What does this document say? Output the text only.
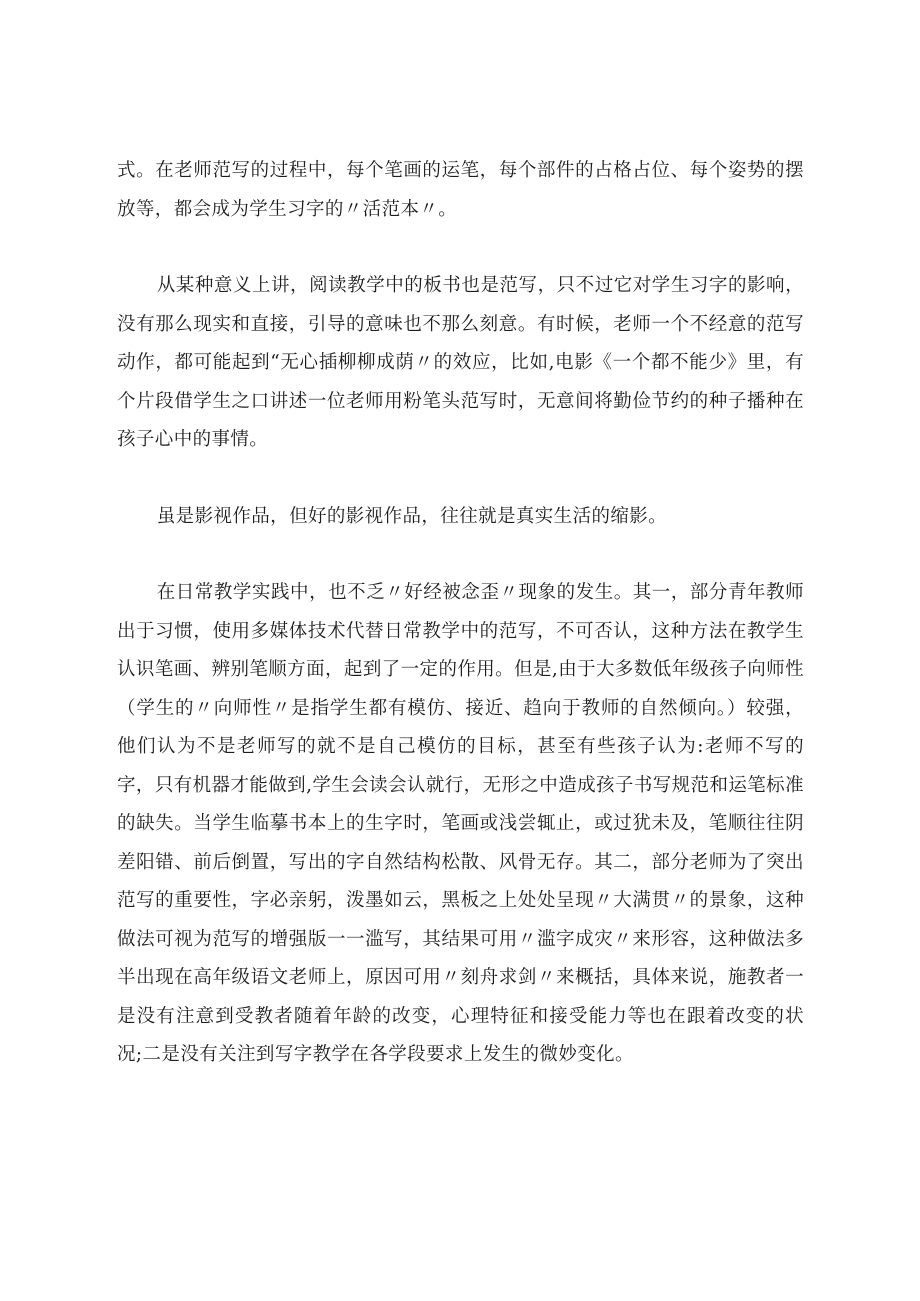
式。在老师范写的过程中，每个笔画的运笔，每个部件的占格占位、每个姿势的摆放等，都会成为学生习字的〃活范本〃。

从某种意义上讲，阅读教学中的板书也是范写，只不过它对学生习字的影响，没有那么现实和直接，引导的意味也不那么刻意。有时候，老师一个不经意的范写动作，都可能起到“无心插柳柳成荫〃的效应，比如,电影《一个都不能少》里，有个片段借学生之口讲述一位老师用粉笔头范写时，无意间将勤俭节约的种子播种在孩子心中的事情。

虽是影视作品，但好的影视作品，往往就是真实生活的缩影。

在日常教学实践中，也不乏〃好经被念歪〃现象的发生。其一，部分青年教师出于习惯，使用多媒体技术代替日常教学中的范写，不可否认，这种方法在教学生认识笔画、辨别笔顺方面，起到了一定的作用。但是,由于大多数低年级孩子向师性（学生的〃向师性〃是指学生都有模仿、接近、趋向于教师的自然倾向。）较强，他们认为不是老师写的就不是自己模仿的目标，甚至有些孩子认为:老师不写的字，只有机器才能做到,学生会读会认就行，无形之中造成孩子书写规范和运笔标准的缺失。当学生临摹书本上的生字时，笔画或浅尝辄止，或过犹未及，笔顺往往阴差阳错、前后倒置，写出的字自然结构松散、风骨无存。其二，部分老师为了突出范写的重要性，字必亲躬，泼墨如云，黑板之上处处呈现〃大满贯〃的景象，这种做法可视为范写的增强版一一滥写，其结果可用〃滥字成灾〃来形容，这种做法多半出现在高年级语文老师上，原因可用〃刻舟求剑〃来概括，具体来说，施教者一是没有注意到受教者随着年龄的改变，心理特征和接受能力等也在跟着改变的状况;二是没有关注到写字教学在各学段要求上发生的微妙变化。
